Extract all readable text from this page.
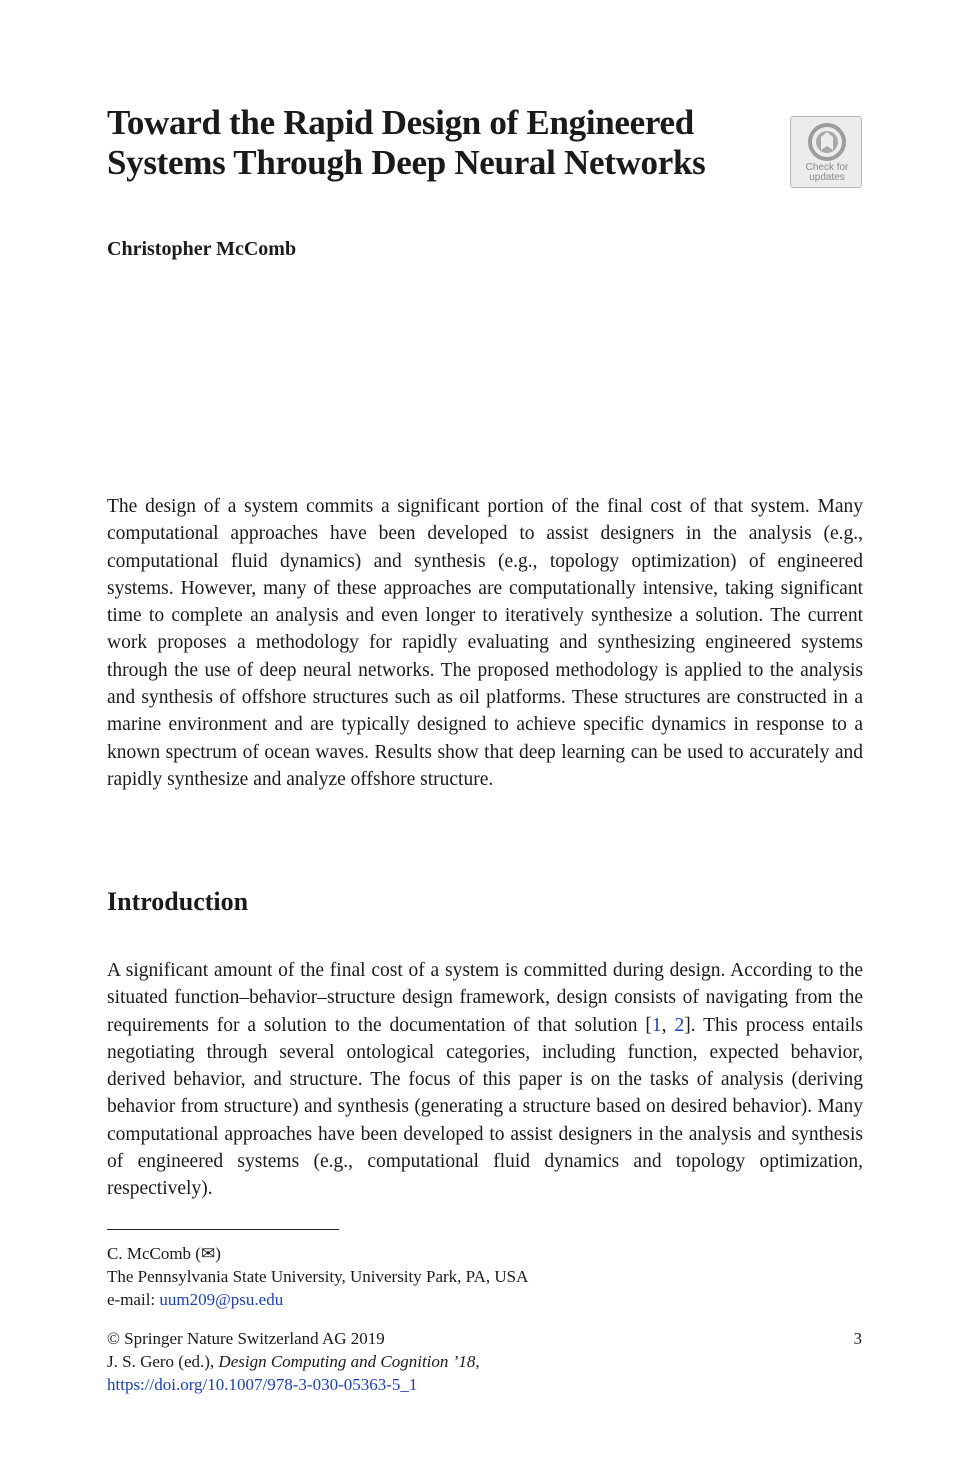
Toward the Rapid Design of Engineered Systems Through Deep Neural Networks	Check for
updates

Christopher McComb

The design of a system commits a significant portion of the final cost of that system. Many computational approaches have been developed to assist designers in the analysis (e.g., computational fluid dynamics) and synthesis (e.g., topology optimization) of engineered systems. However, many of these approaches are computationally intensive, taking significant time to complete an analysis and even longer to iteratively synthesize a solution. The current work proposes a methodology for rapidly evaluating and synthesizing engineered systems through the use of deep neural networks. The proposed methodology is applied to the analysis and synthesis of offshore structures such as oil platforms. These structures are constructed in a marine environment and are typically designed to achieve specific dynamics in response to a known spectrum of ocean waves. Results show that deep learning can be used to accurately and rapidly synthesize and analyze offshore structure.

Introduction

A significant amount of the final cost of a system is committed during design. According to the situated function–behavior–structure design framework, design consists of navigating from the requirements for a solution to the documentation of that solution [1, 2]. This process entails negotiating through several ontological categories, including function, expected behavior, derived behavior, and structure. The focus of this paper is on the tasks of analysis (deriving behavior from structure) and synthesis (generating a structure based on desired behavior). Many computational approaches have been developed to assist designers in the analysis and synthesis of engineered systems (e.g., computational fluid dynamics and topology optimization, respectively).

C. McComb (✉)
The Pennsylvania State University, University Park, PA, USA
e-mail: uum209@psu.edu
© Springer Nature Switzerland AG 2019
J. S. Gero (ed.), Design Computing and Cognition ’18,
https://doi.org/10.1007/978-3-030-05363-5_1
3
